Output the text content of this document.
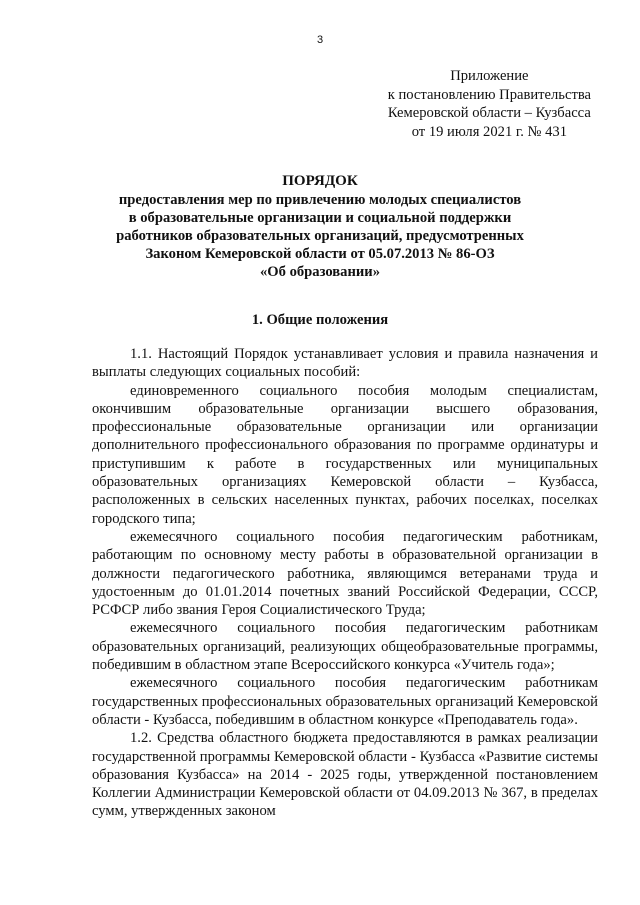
3
Приложение
к постановлению Правительства
Кемеровской области – Кузбасса
от 19 июля 2021 г. № 431
ПОРЯДОК
предоставления мер по привлечению молодых специалистов
в образовательные организации и социальной поддержки
работников образовательных организаций, предусмотренных
Законом Кемеровской области от 05.07.2013 № 86-ОЗ
«Об образовании»
1. Общие положения

1.1. Настоящий Порядок устанавливает условия и правила назначения и выплаты следующих социальных пособий:

единовременного социального пособия молодым специалистам, окончившим образовательные организации высшего образования, профессиональные образовательные организации или организации дополнительного профессионального образования по программе ординатуры и приступившим к работе в государственных или муниципальных образовательных организациях Кемеровской области – Кузбасса, расположенных в сельских населенных пунктах, рабочих поселках, поселках городского типа;

ежемесячного социального пособия педагогическим работникам, работающим по основному месту работы в образовательной организации в должности педагогического работника, являющимся ветеранами труда и удостоенным до 01.01.2014 почетных званий Российской Федерации, СССР, РСФСР либо звания Героя Социалистического Труда;

ежемесячного социального пособия педагогическим работникам образовательных организаций, реализующих общеобразовательные программы, победившим в областном этапе Всероссийского конкурса «Учитель года»;

ежемесячного социального пособия педагогическим работникам государственных профессиональных образовательных организаций Кемеровской области - Кузбасса, победившим в областном конкурсе «Преподаватель года».

1.2. Средства областного бюджета предоставляются в рамках реализации государственной программы Кемеровской области - Кузбасса «Развитие системы образования Кузбасса» на 2014 - 2025 годы, утвержденной постановлением Коллегии Администрации Кемеровской области от 04.09.2013 № 367, в пределах сумм, утвержденных законом
